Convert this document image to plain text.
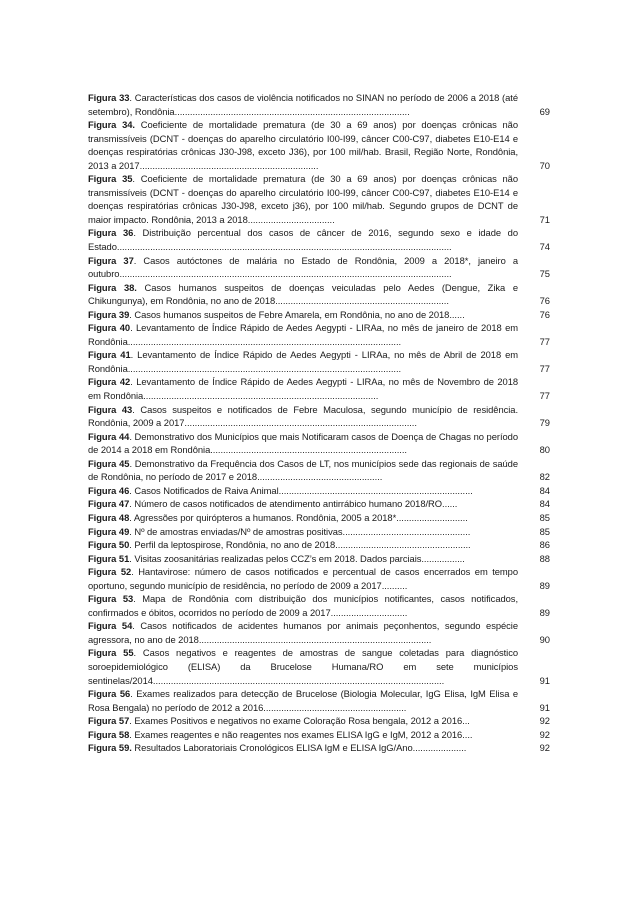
Figura 33. Características dos casos de violência notificados no SINAN no período de 2006 a 2018 (até setembro), Rondônia............................................................................................	69
Figura 34. Coeficiente de mortalidade prematura (de 30 a 69 anos) por doenças crônicas não transmissíveis (DCNT - doenças do aparelho circulatório I00-I99, câncer C00-C97, diabetes E10-E14 e doenças respiratórias crônicas J30-J98, exceto J36), por 100 mil/hab. Brasil, Região Norte, Rondônia, 2013 a 2017......................................................................	70
Figura 35. Coeficiente de mortalidade prematura (de 30 a 69 anos) por doenças crônicas não transmissíveis (DCNT - doenças do aparelho circulatório I00-I99, câncer C00-C97, diabetes E10-E14 e doenças respiratórias crônicas J30-J98, exceto j36), por 100 mil/hab. Segundo grupos de DCNT de maior impacto. Rondônia, 2013 a 2018..................................	71
Figura 36. Distribuição percentual dos casos de câncer de 2016, segundo sexo e idade do Estado...................................................................................................................................	74
Figura 37. Casos autóctones de malária no Estado de Rondônia, 2009 a 2018*, janeiro a outubro..................................................................................................................................	75
Figura 38. Casos humanos suspeitos de doenças veiculadas pelo Aedes (Dengue, Zika e Chikungunya), em Rondônia, no ano de 2018....................................................................	76
Figura 39. Casos humanos suspeitos de Febre Amarela, em Rondônia, no ano de 2018......	76
Figura 40. Levantamento de Índice Rápido de Aedes Aegypti - LIRAa, no mês de janeiro de 2018 em Rondônia...........................................................................................................	77
Figura 41. Levantamento de Índice Rápido de Aedes Aegypti - LIRAa, no mês de Abril de 2018 em Rondônia...........................................................................................................	77
Figura 42. Levantamento de Índice Rápido de Aedes Aegypti - LIRAa, no mês de Novembro de 2018 em Rondônia............................................................................................	77
Figura 43. Casos suspeitos e notificados de Febre Maculosa, segundo município de residência. Rondônia, 2009 a 2017...........................................................................................	79
Figura 44. Demonstrativo dos Municípios que mais Notificaram casos de Doença de Chagas no período de 2014 a 2018 em Rondônia.............................................................................	80
Figura 45. Demonstrativo da Frequência dos Casos de LT, nos municípios sede das regionais de saúde de Rondônia, no período de 2017 e 2018.................................................	82
Figura 46. Casos Notificados de Raiva Animal............................................................................	84
Figura 47. Número de casos notificados de atendimento antirrábico humano 2018/RO......	84
Figura 48. Agressões por quirópteros a humanos. Rondônia, 2005 a 2018*............................	85
Figura 49. Nº de amostras enviadas/Nº de amostras positivas..................................................	85
Figura 50. Perfil da leptospirose, Rondônia, no ano de 2018.....................................................	86
Figura 51. Visitas zoosanitárias realizadas pelos CCZ’s em 2018. Dados parciais.................	88
Figura 52. Hantavirose: número de casos notificados e percentual de casos encerrados em tempo oportuno, segundo município de residência, no período de 2009 a 2017..........	89
Figura 53. Mapa de Rondônia com distribuição dos municípios notificantes, casos notificados, confirmados e óbitos, ocorridos no período de 2009 a 2017..............................	89
Figura 54. Casos notificados de acidentes humanos por animais peçonhentos, segundo espécie agressora, no ano de 2018...........................................................................................	90
Figura 55. Casos negativos e reagentes de amostras de sangue coletadas para diagnóstico soroepidemiológico (ELISA) da Brucelose Humana/RO em sete municípios sentinelas/2014..................................................................................................................	91
Figura 56. Exames realizados para detecção de Brucelose (Biologia Molecular, IgG Elisa, IgM Elisa e Rosa Bengala) no período de 2012 a 2016........................................................	91
Figura 57. Exames Positivos e negativos no exame Coloração Rosa bengala, 2012 a 2016...	92
Figura 58. Exames reagentes e não reagentes nos exames ELISA IgG e IgM, 2012 a 2016....	92
Figura 59. Resultados Laboratoriais Cronológicos ELISA IgM e ELISA IgG/Ano.....................	92
